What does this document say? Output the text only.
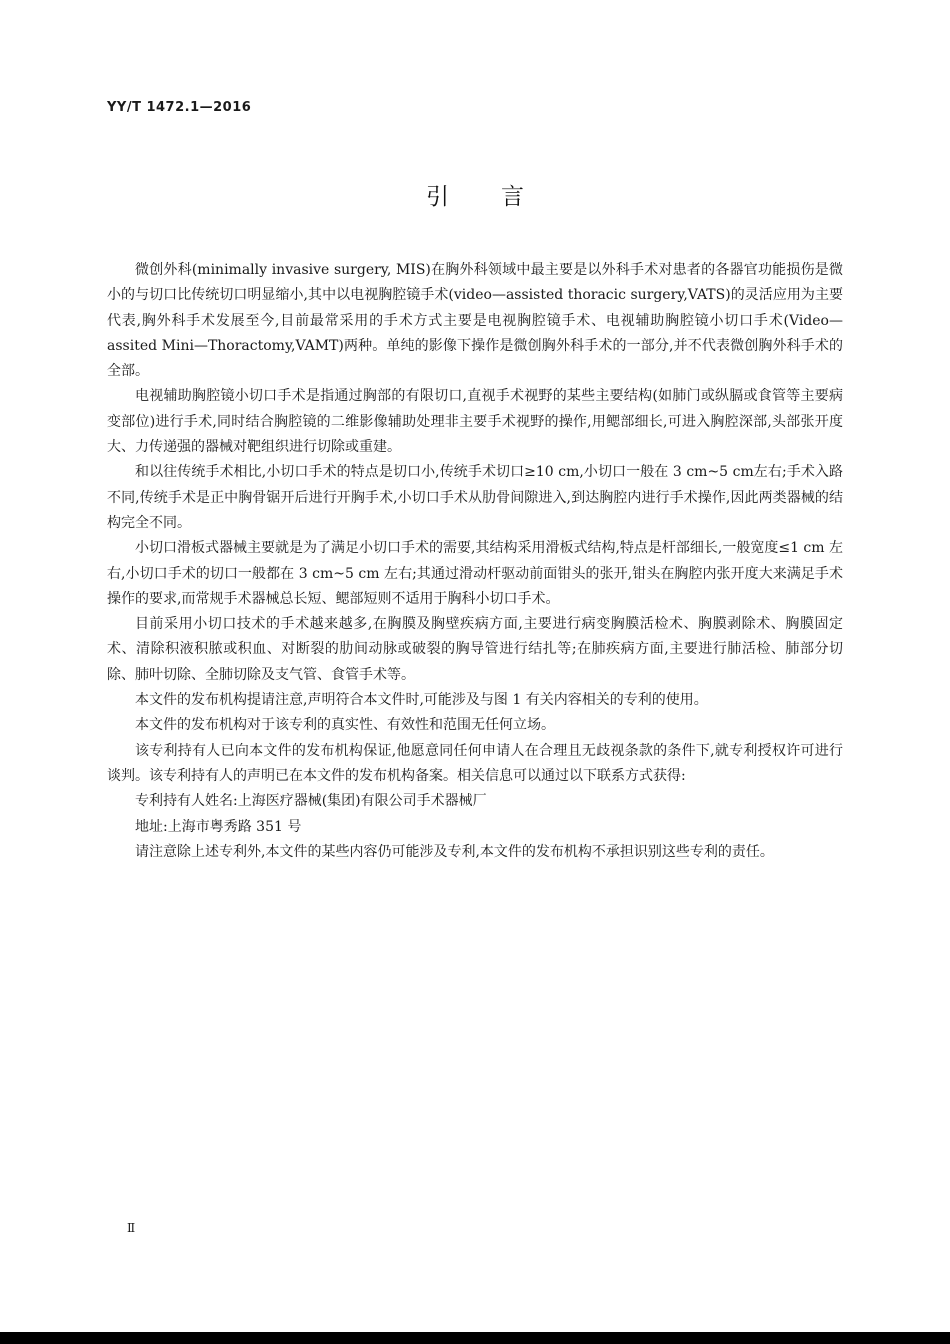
YY/T 1472.1—2016
引言

微创外科(minimally invasive surgery, MIS)在胸外科领域中最主要是以外科手术对患者的各器官功能损伤是微小的与切口比传统切口明显缩小,其中以电视胸腔镜手术(video—assisted thoracic surgery,VATS)的灵活应用为主要代表,胸外科手术发展至今,目前最常采用的手术方式主要是电视胸腔镜手术、电视辅助胸腔镜小切口手术(Video—assited Mini—Thoractomy,VAMT)两种。单纯的影像下操作是微创胸外科手术的一部分,并不代表微创胸外科手术的全部。

电视辅助胸腔镜小切口手术是指通过胸部的有限切口,直视手术视野的某些主要结构(如肺门或纵膈或食管等主要病变部位)进行手术,同时结合胸腔镜的二维影像辅助处理非主要手术视野的操作,用鳃部细长,可进入胸腔深部,头部张开度大、力传递强的器械对靶组织进行切除或重建。

和以往传统手术相比,小切口手术的特点是切口小,传统手术切口≥10 cm,小切口一般在 3 cm~5 cm左右;手术入路不同,传统手术是正中胸骨锯开后进行开胸手术,小切口手术从肋骨间隙进入,到达胸腔内进行手术操作,因此两类器械的结构完全不同。

小切口滑板式器械主要就是为了满足小切口手术的需要,其结构采用滑板式结构,特点是杆部细长,一般宽度≤1 cm 左右,小切口手术的切口一般都在 3 cm~5 cm 左右;其通过滑动杆驱动前面钳头的张开,钳头在胸腔内张开度大来满足手术操作的要求,而常规手术器械总长短、鳃部短则不适用于胸科小切口手术。

目前采用小切口技术的手术越来越多,在胸膜及胸壁疾病方面,主要进行病变胸膜活检术、胸膜剥除术、胸膜固定术、清除积液积脓或积血、对断裂的肋间动脉或破裂的胸导管进行结扎等;在肺疾病方面,主要进行肺活检、肺部分切除、肺叶切除、全肺切除及支气管、食管手术等。

本文件的发布机构提请注意,声明符合本文件时,可能涉及与图 1 有关内容相关的专利的使用。

本文件的发布机构对于该专利的真实性、有效性和范围无任何立场。

该专利持有人已向本文件的发布机构保证,他愿意同任何申请人在合理且无歧视条款的条件下,就专利授权许可进行谈判。该专利持有人的声明已在本文件的发布机构备案。相关信息可以通过以下联系方式获得:

专利持有人姓名:上海医疗器械(集团)有限公司手术器械厂

地址:上海市粤秀路 351 号

请注意除上述专利外,本文件的某些内容仍可能涉及专利,本文件的发布机构不承担识别这些专利的责任。

Ⅱ
